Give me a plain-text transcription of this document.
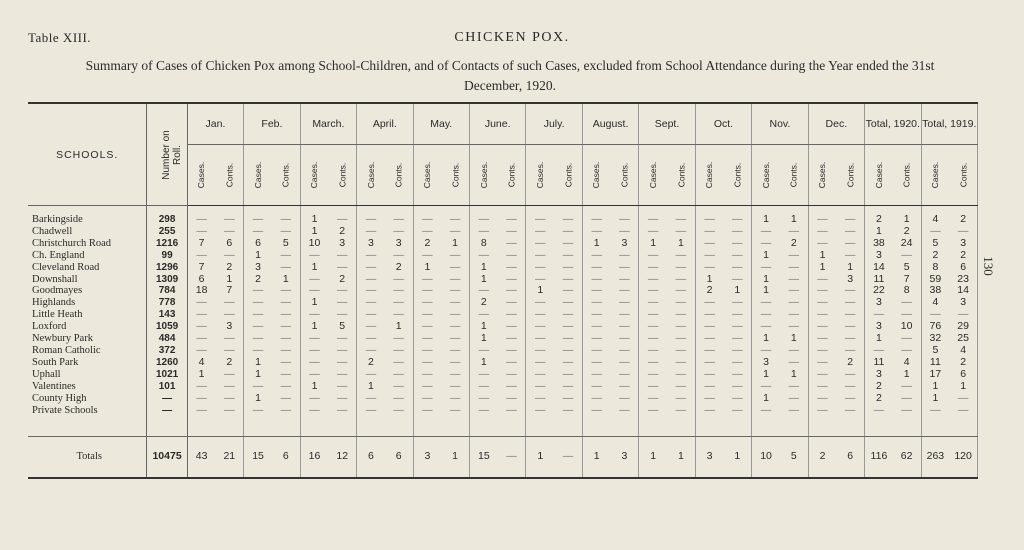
Table XIII.	CHICKEN POX.
Summary of Cases of Chicken Pox among School-Children, and of Contacts of such Cases, excluded from School Attendance during the Year ended the 31st December, 1920.
130
SCHOOLS.	Number on Roll.	Jan.		Feb.		March.		April.		May.		June.		July.		August.		Sept.		Oct.		Nov.		Dec.		Total, 1920.		Total, 1919.	
		Cases.	Conts.	Cases.	Conts.	Cases.	Conts.	Cases.	Conts.	Cases.	Conts.	Cases.	Conts.	Cases.	Conts.	Cases.	Conts.	Cases.	Conts.	Cases.	Conts.	Cases.	Conts.	Cases.	Conts.	Cases.	Conts.	Cases.	Conts.
Barkingside	298	—	—	—	—	1	—	—	—	—	—	—	—	—	—	—	—	—	—	—	—	1	1	—	—	2	1	4	2
Chadwell	255	—	—	—	—	1	2	—	—	—	—	—	—	—	—	—	—	—	—	—	—	—	—	—	—	1	2	—	—
Christchurch Road	1216	7	6	6	5	10	3	3	3	2	1	8	—	—	—	1	3	1	1	—	—	—	2	—	—	38	24	5	3
Ch. England	99	—	—	1	—	—	—	—	—	—	—	—	—	—	—	—	—	—	—	—	—	1	—	1	—	3	—	2	2
Cleveland Road	1296	7	2	3	—	1	—	—	2	1	—	1	—	—	—	—	—	—	—	—	—	—	—	1	1	14	5	8	6
Downshall	1309	6	1	2	1	—	2	—	—	—	—	1	—	—	—	—	—	—	—	1	—	1	—	—	3	11	7	59	23
Goodmayes	784	18	7	—	—	—	—	—	—	—	—	—	—	1	—	—	—	—	—	2	1	1	—	—	—	22	8	38	14
Highlands	778	—	—	—	—	1	—	—	—	—	—	2	—	—	—	—	—	—	—	—	—	—	—	—	—	3	—	4	3
Little Heath	143	—	—	—	—	—	—	—	—	—	—	—	—	—	—	—	—	—	—	—	—	—	—	—	—	—	—	—	—
Loxford	1059	—	3	—	—	1	5	—	1	—	—	1	—	—	—	—	—	—	—	—	—	—	—	—	—	3	10	76	29
Newbury Park	484	—	—	—	—	—	—	—	—	—	—	1	—	—	—	—	—	—	—	—	—	1	1	—	—	1	—	32	25
Roman Catholic	372	—	—	—	—	—	—	—	—	—	—	—	—	—	—	—	—	—	—	—	—	—	—	—	—	—	—	5	4
South Park	1260	4	2	1	—	—	—	2	—	—	—	1	—	—	—	—	—	—	—	—	—	3	—	—	2	11	4	11	2
Uphall	1021	1	—	1	—	—	—	—	—	—	—	—	—	—	—	—	—	—	—	—	—	1	1	—	—	3	1	17	6
Valentines	101	—	—	—	—	1	—	1	—	—	—	—	—	—	—	—	—	—	—	—	—	—	—	—	—	2	—	1	1
County High	—	—	—	1	—	—	—	—	—	—	—	—	—	—	—	—	—	—	—	—	—	1	—	—	—	2	—	1	—
Private Schools	—	—	—	—	—	—	—	—	—	—	—	—	—	—	—	—	—	—	—	—	—	—	—	—	—	—	—	—	—

Totals	10475	43	21	15	6	16	12	6	6	3	1	15	—	1	—	1	3	1	1	3	1	10	5	2	6	116	62	263	120
